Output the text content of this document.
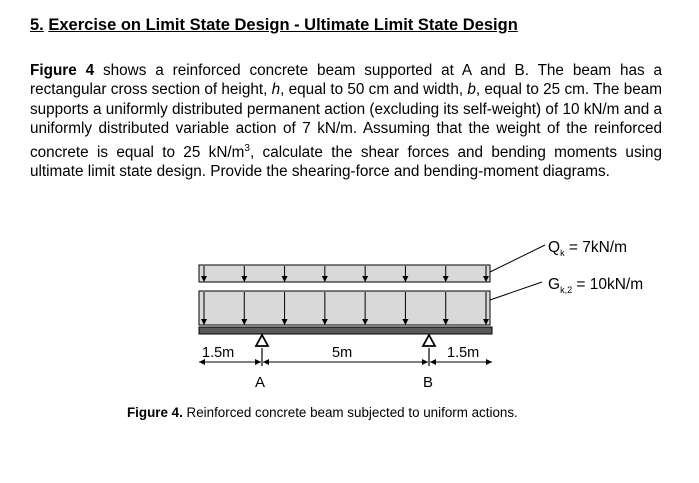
5. Exercise on Limit State Design - Ultimate Limit State Design
Figure 4 shows a reinforced concrete beam supported at A and B. The beam has a rectangular cross section of height, h, equal to 50 cm and width, b, equal to 25 cm. The beam supports a uniformly distributed permanent action (excluding its self-weight) of 10 kN/m and a uniformly distributed variable action of 7 kN/m. Assuming that the weight of the reinforced concrete is equal to 25 $kN/m^3$, calculate the shear forces and bending moments using ultimate limit state design. Provide the shearing-force and bending-moment diagrams.
$Q_k = 7kN/m$
$G_{k,2} = 10kN/m$
1.5m	5m	1.5m
A	B
Figure 4. Reinforced concrete beam subjected to uniform actions.
